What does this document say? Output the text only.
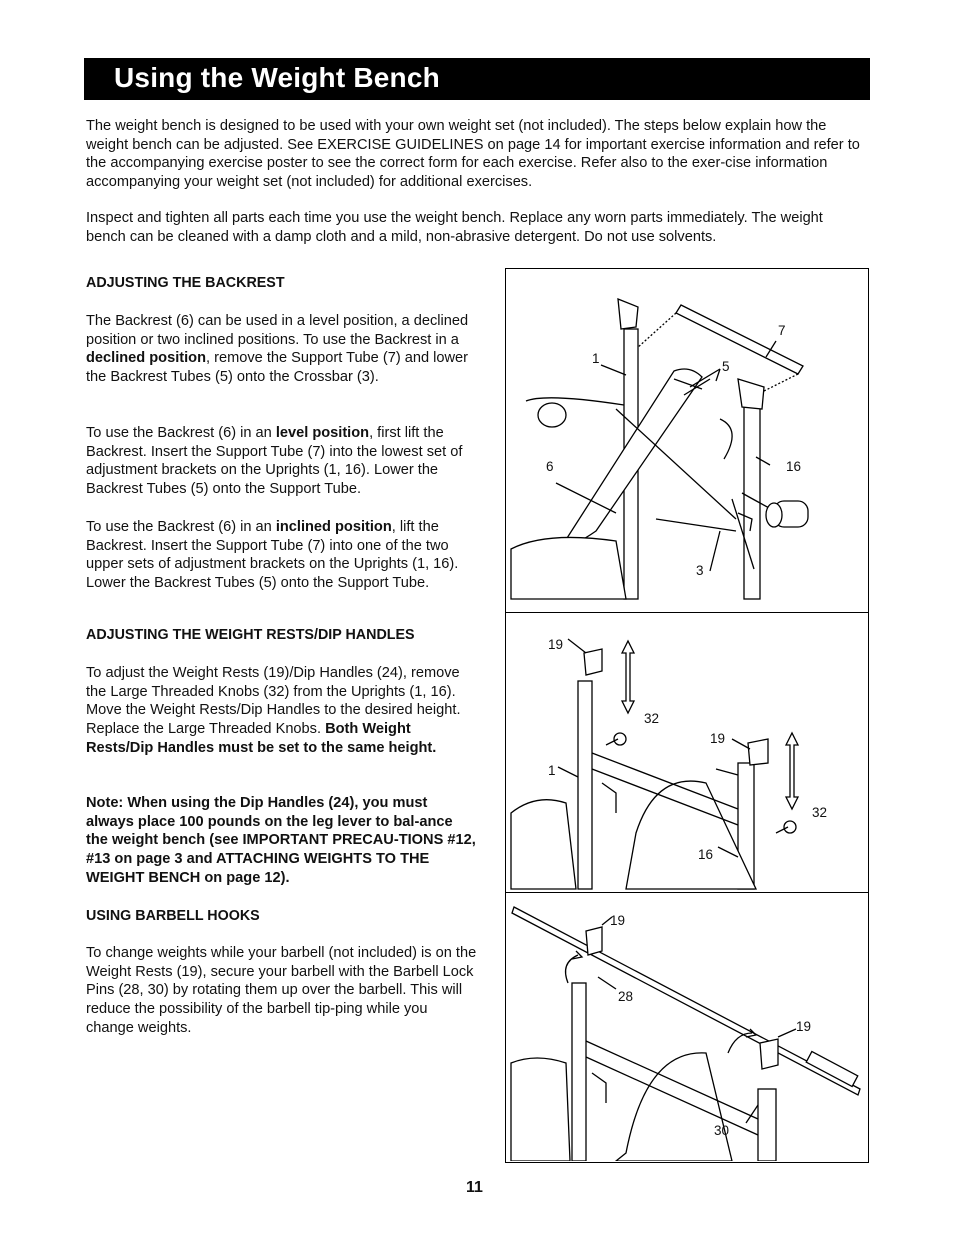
Using the Weight Bench

The weight bench is designed to be used with your own weight set (not included). The steps below explain how the weight bench can be adjusted. See EXERCISE GUIDELINES on page 14 for important exercise information and refer to the accompanying exercise poster to see the correct form for each exercise. Refer also to the exer-cise information accompanying your weight set (not included) for additional exercises.

Inspect and tighten all parts each time you use the weight bench. Replace any worn parts immediately. The weight bench can be cleaned with a damp cloth and a mild, non-abrasive detergent. Do not use solvents.

ADJUSTING THE BACKREST

The Backrest (6) can be used in a level position, a declined position or two inclined positions. To use the Backrest in a declined position, remove the Support Tube (7) and lower the Backrest Tubes (5) onto the Crossbar (3).

To use the Backrest (6) in an level position, first lift the Backrest. Insert the Support Tube (7) into the lowest set of adjustment brackets on the Uprights (1, 16). Lower the Backrest Tubes (5) onto the Support Tube.

To use the Backrest (6) in an inclined position, lift the Backrest. Insert the Support Tube (7) into one of the two upper sets of adjustment brackets on the Uprights (1, 16). Lower the Backrest Tubes (5) onto the Support Tube.

ADJUSTING THE WEIGHT RESTS/DIP HANDLES

To adjust the Weight Rests (19)/Dip Handles (24), remove the Large Threaded Knobs (32) from the Uprights (1, 16). Move the Weight Rests/Dip Handles to the desired height. Replace the Large Threaded Knobs. Both Weight Rests/Dip Handles must be set to the same height.

Note: When using the Dip Handles (24), you must always place 100 pounds on the leg lever to bal-ance the weight bench (see IMPORTANT PRECAU-TIONS #12, #13 on page 3 and ATTACHING WEIGHTS TO THE WEIGHT BENCH on page 12).

USING BARBELL HOOKS

To change weights while your barbell (not included) is on the Weight Rests (19), secure your barbell with the Barbell Lock Pins (28, 30) by rotating them up over the barbell. This will reduce the possibility of the barbell tip-ping while you change weights.

7
1
5
6	16
3
19
32
1
19
32
16
19
28
19
30
11
